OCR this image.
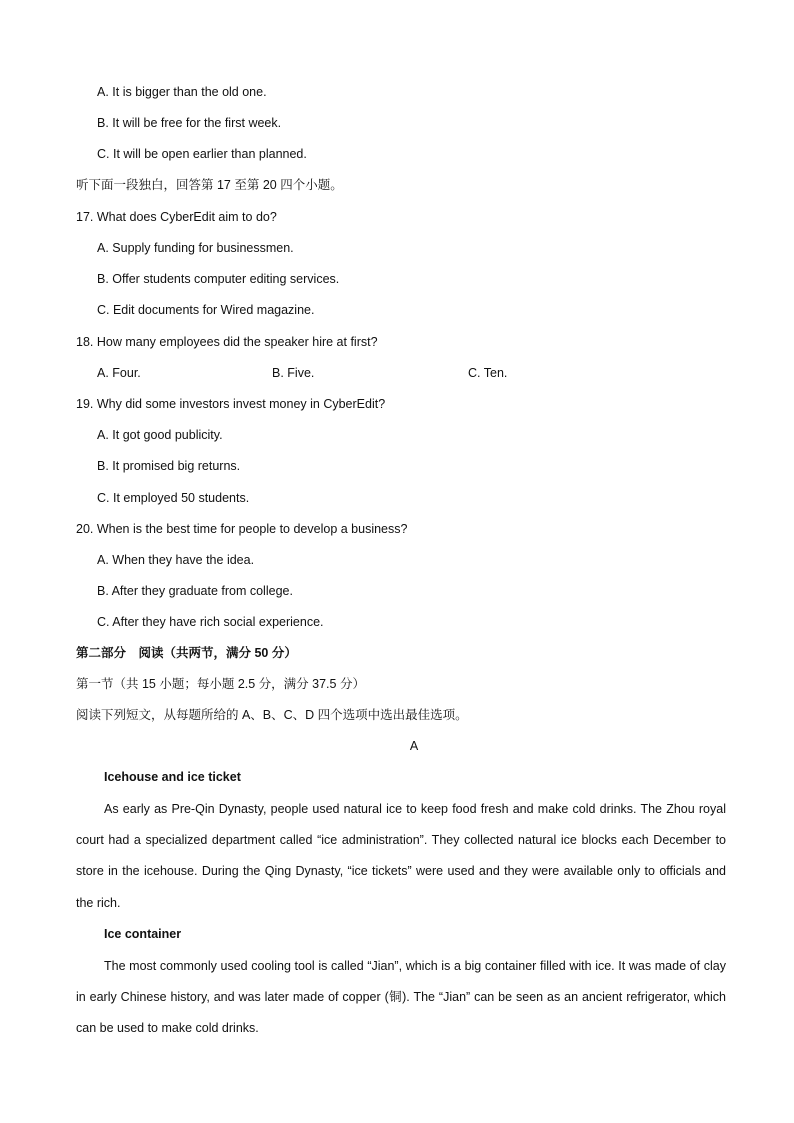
A. It is bigger than the old one.
B. It will be free for the first week.
C. It will be open earlier than planned.
听下面一段独白，回答第 17 至第 20 四个小题。
17. What does CyberEdit aim to do?
A. Supply funding for businessmen.
B. Offer students computer editing services.
C. Edit documents for Wired magazine.
18. How many employees did the speaker hire at first?
A. Four.	B. Five.	C. Ten.
19. Why did some investors invest money in CyberEdit?
A. It got good publicity.
B. It promised big returns.
C. It employed 50 students.
20. When is the best time for people to develop a business?
A. When they have the idea.
B. After they graduate from college.
C. After they have rich social experience.
第二部分　阅读（共两节，满分 50 分）
第一节（共 15 小题；每小题 2.5 分，满分 37.5 分）
阅读下列短文，从每题所给的 A、B、C、D 四个选项中选出最佳选项。
A
Icehouse and ice ticket
As early as Pre-Qin Dynasty, people used natural ice to keep food fresh and make cold drinks. The Zhou royal court had a specialized department called “ice administration”. They collected natural ice blocks each December to store in the icehouse. During the Qing Dynasty, “ice tickets” were used and they were available only to officials and the rich.
Ice container
The most commonly used cooling tool is called “Jian”, which is a big container filled with ice. It was made of clay in early Chinese history, and was later made of copper (铜). The “Jian” can be seen as an ancient refrigerator, which can be used to make cold drinks.
